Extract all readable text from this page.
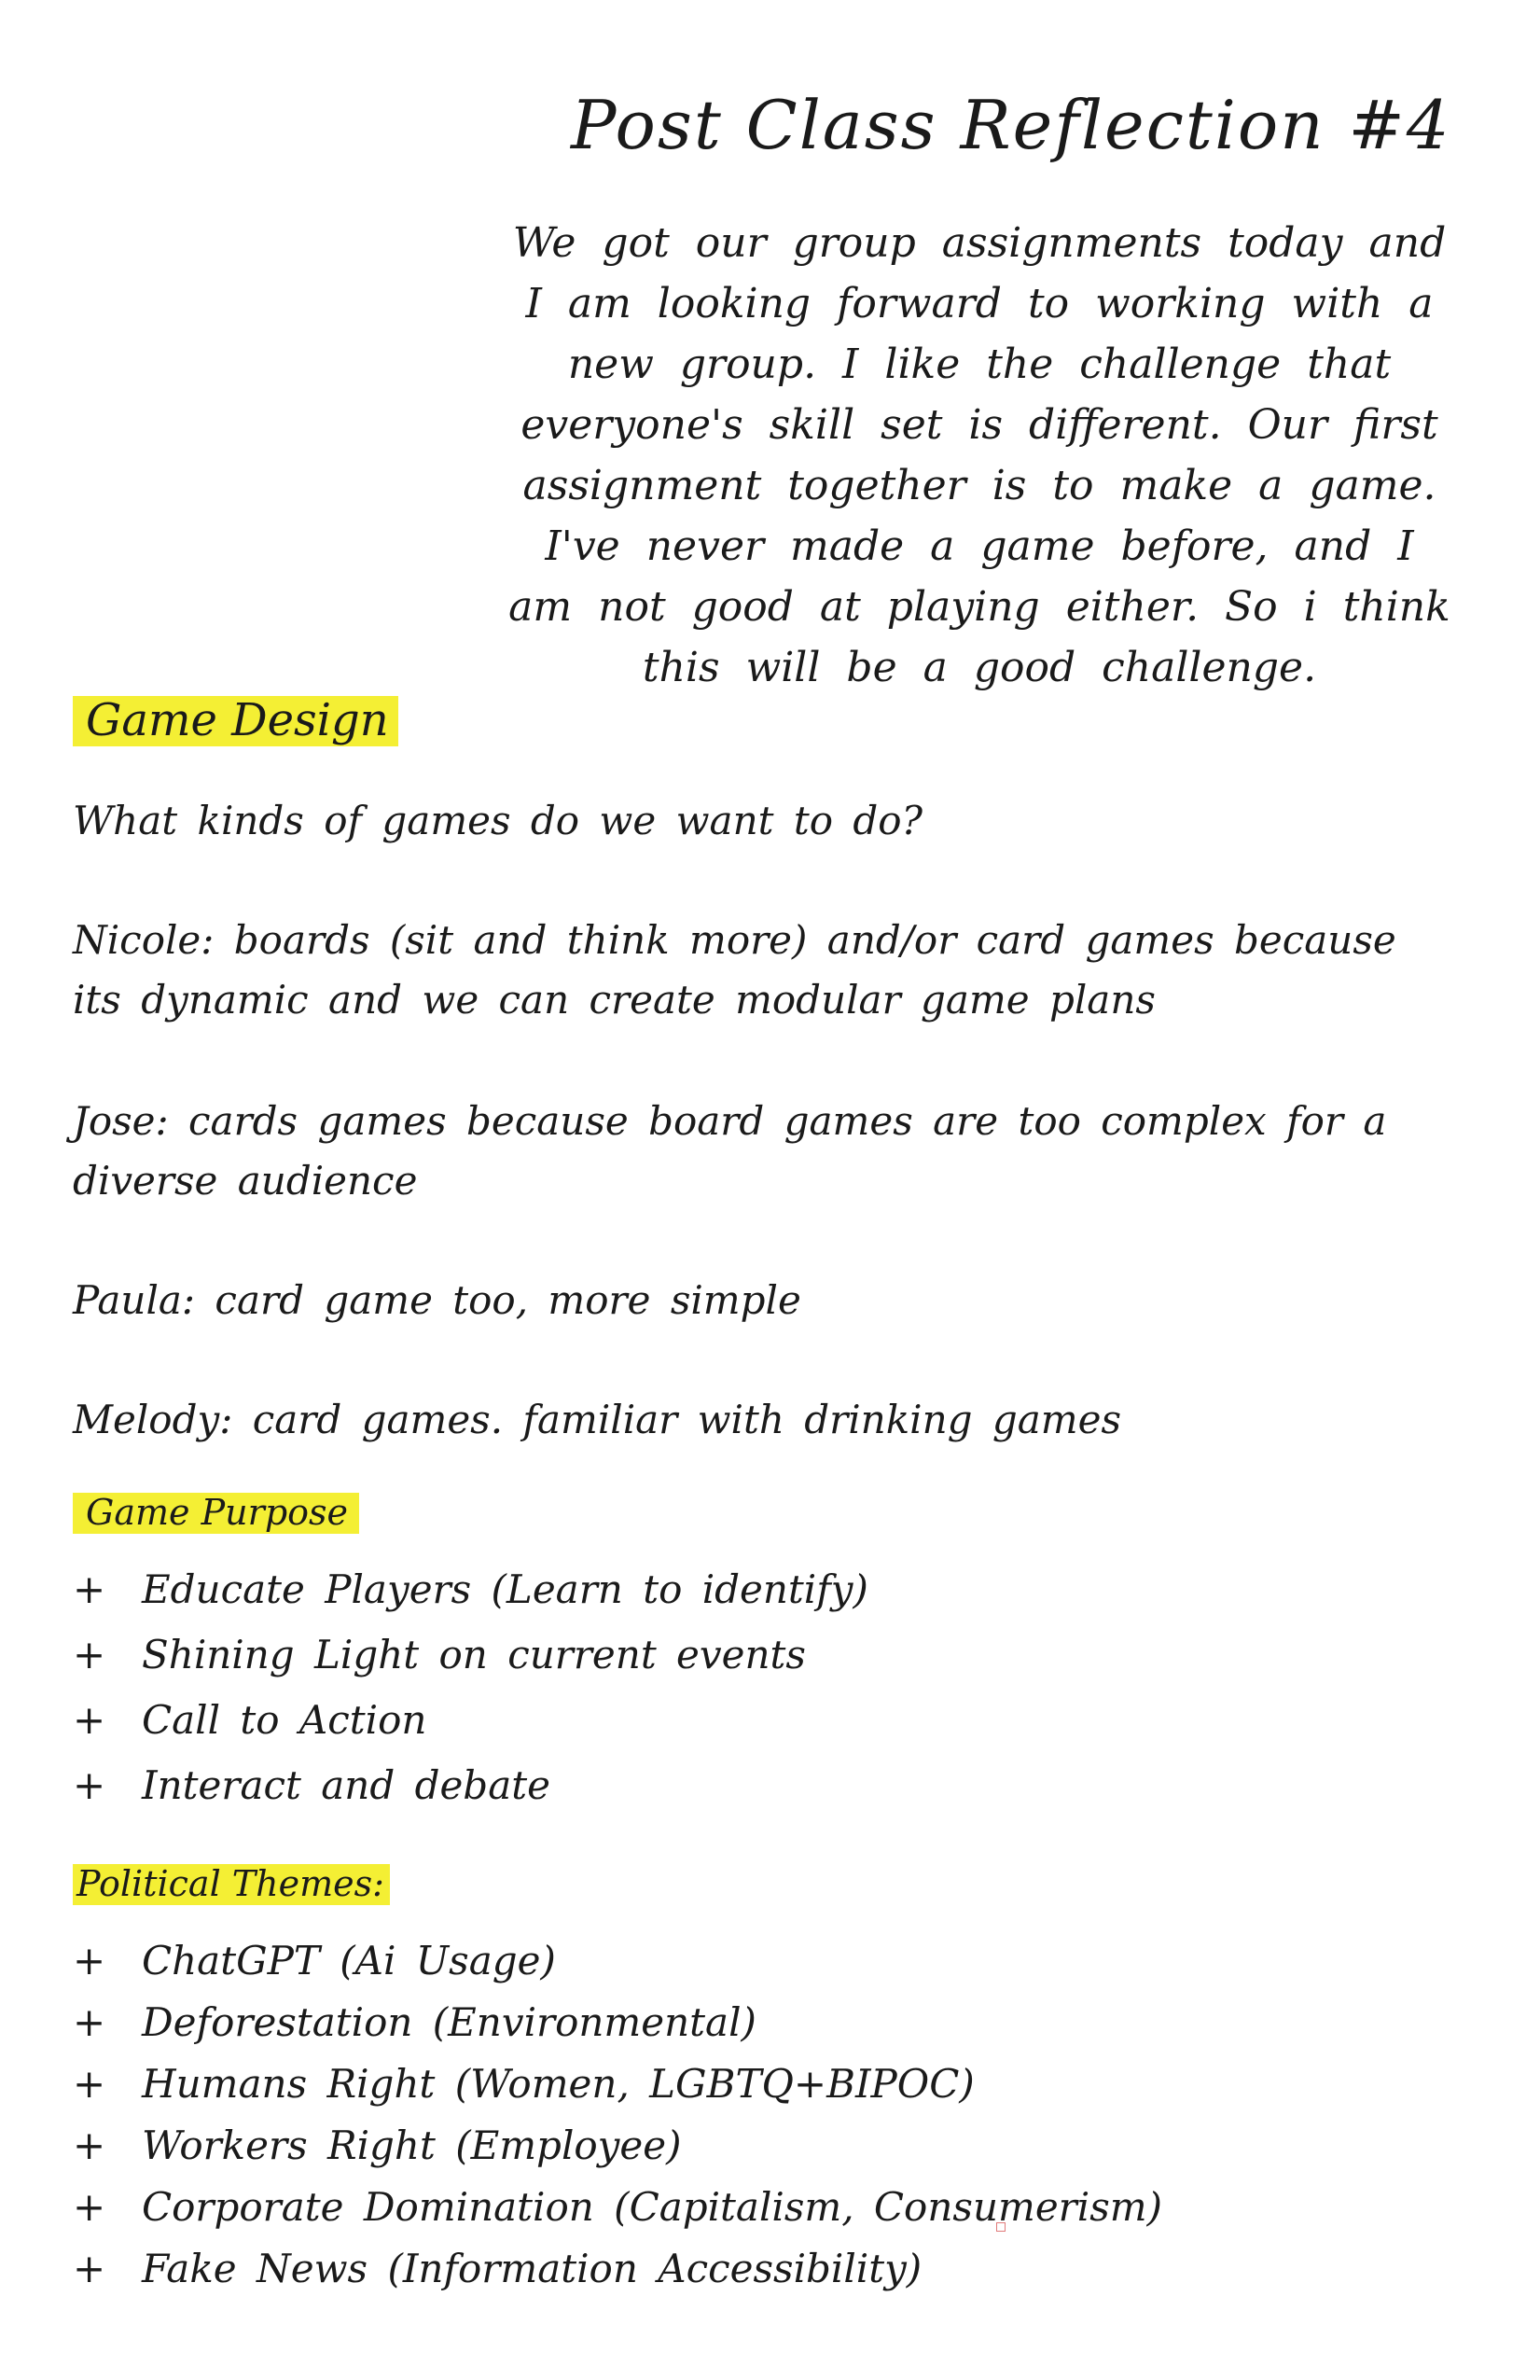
Post Class Reflection #4
We got our group assignments today and
I am looking forward to working with a
new group. I like the challenge that
everyone's skill set is different. Our first
assignment together is to make a game.
I've never made a game before, and I
am not good at playing either. So i think
this will be a good challenge.
Game Design
What kinds of games do we want to do?
Nicole: boards (sit and think more) and/or card games because
its dynamic and we can create modular game plans
Jose: cards games because board games are too complex for a
diverse audience
Paula: card game too, more simple
Melody: card games. familiar with drinking games
Game Purpose
+ Educate Players (Learn to identify)
+ Shining Light on current events
+ Call to Action
+ Interact and debate
Political Themes:
+ ChatGPT (Ai Usage)
+ Deforestation (Environmental)
+ Humans Right (Women, LGBTQ+BIPOC)
+ Workers Right (Employee)
+ Corporate Domination (Capitalism, Consumerism)
+ Fake News (Information Accessibility)
